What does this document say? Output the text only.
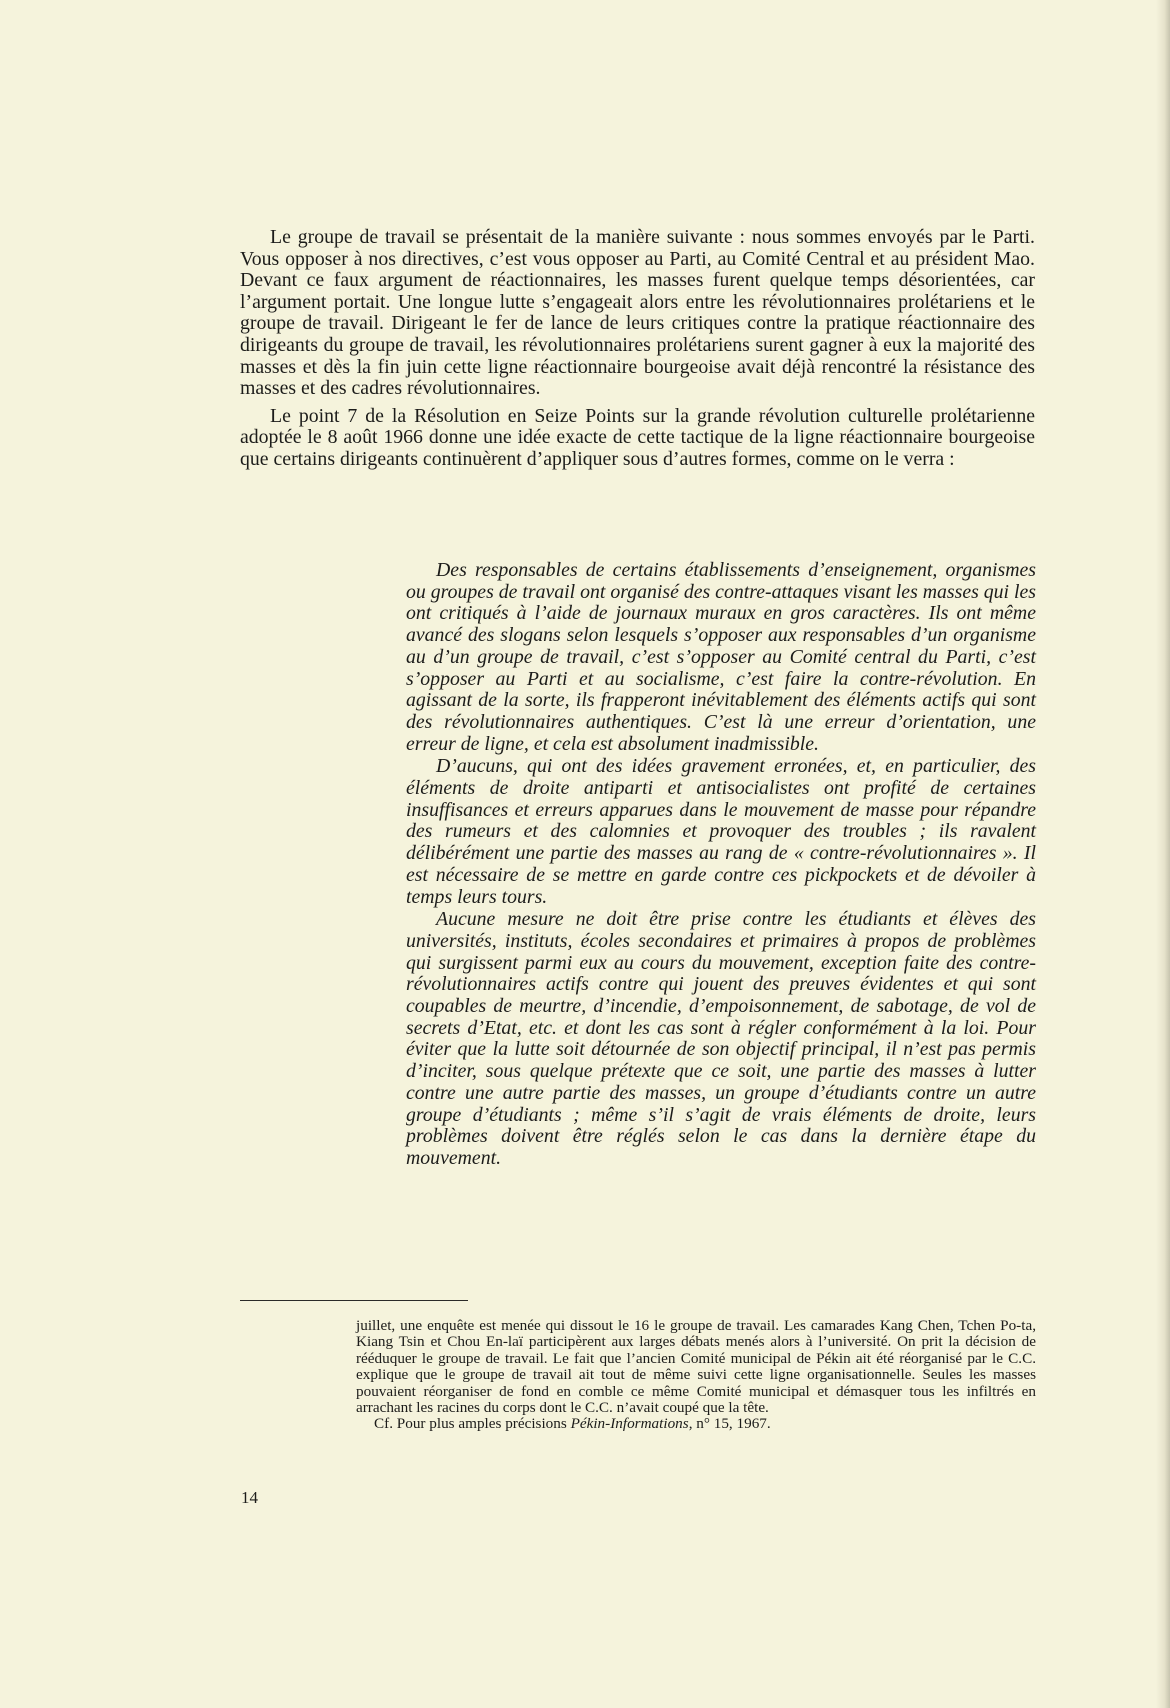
Le groupe de travail se présentait de la manière suivante : nous sommes envoyés par le Parti. Vous opposer à nos directives, c’est vous opposer au Parti, au Comité Central et au président Mao. Devant ce faux argument de réactionnaires, les masses furent quelque temps désorientées, car l’argument portait. Une longue lutte s’engageait alors entre les révolutionnaires prolétariens et le groupe de travail. Dirigeant le fer de lance de leurs critiques contre la pratique réactionnaire des dirigeants du groupe de travail, les révolutionnaires prolétariens surent gagner à eux la majorité des masses et dès la fin juin cette ligne réactionnaire bourgeoise avait déjà rencontré la résistance des masses et des cadres révolutionnaires.

Le point 7 de la Résolution en Seize Points sur la grande révolution culturelle prolétarienne adoptée le 8 août 1966 donne une idée exacte de cette tactique de la ligne réactionnaire bourgeoise que certains dirigeants continuèrent d’appliquer sous d’autres formes, comme on le verra :

Des responsables de certains établissements d’enseignement, organismes ou groupes de travail ont organisé des contre-attaques visant les masses qui les ont critiqués à l’aide de journaux muraux en gros caractères. Ils ont même avancé des slogans selon lesquels s’opposer aux responsables d’un organisme au d’un groupe de travail, c’est s’opposer au Comité central du Parti, c’est s’opposer au Parti et au socialisme, c’est faire la contre-révolution. En agissant de la sorte, ils frapperont inévitablement des éléments actifs qui sont des révolutionnaires authentiques. C’est là une erreur d’orientation, une erreur de ligne, et cela est absolument inadmissible.

D’aucuns, qui ont des idées gravement erronées, et, en particulier, des éléments de droite antiparti et antisocialistes ont profité de certaines insuffisances et erreurs apparues dans le mouvement de masse pour répandre des rumeurs et des calomnies et provoquer des troubles ; ils ravalent délibérément une partie des masses au rang de « contre-révolutionnaires ». Il est nécessaire de se mettre en garde contre ces pickpockets et de dévoiler à temps leurs tours.

Aucune mesure ne doit être prise contre les étudiants et élèves des universités, instituts, écoles secondaires et primaires à propos de problèmes qui surgissent parmi eux au cours du mouvement, exception faite des contre-révolutionnaires actifs contre qui jouent des preuves évidentes et qui sont coupables de meurtre, d’incendie, d’empoisonnement, de sabotage, de vol de secrets d’Etat, etc. et dont les cas sont à régler conformément à la loi. Pour éviter que la lutte soit détournée de son objectif principal, il n’est pas permis d’inciter, sous quelque prétexte que ce soit, une partie des masses à lutter contre une autre partie des masses, un groupe d’étudiants contre un autre groupe d’étudiants ; même s’il s’agit de vrais éléments de droite, leurs problèmes doivent être réglés selon le cas dans la dernière étape du mouvement.

juillet, une enquête est menée qui dissout le 16 le groupe de travail. Les camarades Kang Chen, Tchen Po-ta, Kiang Tsin et Chou En-laï participèrent aux larges débats menés alors à l’université. On prit la décision de rééduquer le groupe de travail. Le fait que l’ancien Comité municipal de Pékin ait été réorganisé par le C.C. explique que le groupe de travail ait tout de même suivi cette ligne organisationnelle. Seules les masses pouvaient réorganiser de fond en comble ce même Comité municipal et démasquer tous les infiltrés en arrachant les racines du corps dont le C.C. n’avait coupé que la tête.

Cf. Pour plus amples précisions Pékin-Informations, n° 15, 1967.

14
